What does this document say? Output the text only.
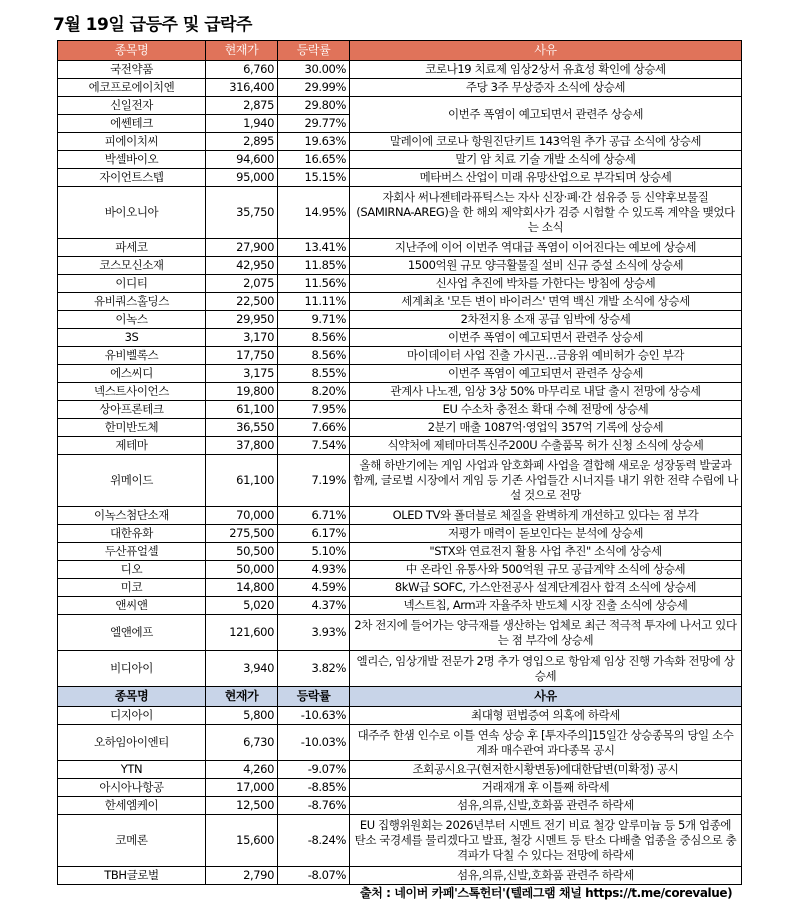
7월 19일 급등주 및 급락주
종목명	현재가	등락률	사유
국전약품	6,760	30.00%	코로나19 치료제 임상2상서 유효성 확인에 상승세
에코프로에이치엔	316,400	29.99%	주당 3주 무상증자 소식에 상승세
신일전자	2,875	29.80%	이번주 폭염이 예고되면서 관련주 상승세
에쎈테크	1,940	29.77%	
피에이치씨	2,895	19.63%	말레이에 코로나 항원진단키트 143억원 추가 공급 소식에 상승세
박셀바이오	94,600	16.65%	말기 암 치료 기술 개발 소식에 상승세
자이언트스텝	95,000	15.15%	메타버스 산업이 미래 유망산업으로 부각되며 상승세
바이오니아	35,750	14.95%	자회사 써나젠테라퓨틱스는 자사 신장·폐·간 섬유증 등 신약후보물질 (SAMIRNA-AREG)을 한 해외 제약회사가 검증 시험할 수 있도록 계약을 맺었다는 소식
파세코	27,900	13.41%	지난주에 이어 이번주 역대급 폭염이 이어진다는 예보에 상승세
코스모신소재	42,950	11.85%	1500억원 규모 양극활물질 설비 신규 증설 소식에 상승세
이디티	2,075	11.56%	신사업 추진에 박차를 가한다는 방침에 상승세
유비쿼스홀딩스	22,500	11.11%	세계최초 '모든 변이 바이러스' 면역 백신 개발 소식에 상승세
이녹스	29,950	9.71%	2차전지용 소재 공급 임박에 상승세
3S	3,170	8.56%	이번주 폭염이 예고되면서 관련주 상승세
유비벨록스	17,750	8.56%	마이데이터 사업 진출 가시권…금융위 예비허가 승인 부각
에스씨디	3,175	8.55%	이번주 폭염이 예고되면서 관련주 상승세
넥스트사이언스	19,800	8.20%	관계사 나노젠, 임상 3상 50% 마무리로 내달 출시 전망에 상승세
상아프론테크	61,100	7.95%	EU 수소차 충전소 확대 수혜 전망에 상승세
한미반도체	36,550	7.66%	2분기 매출 1087억·영업익 357억 기록에 상승세
제테마	37,800	7.54%	식약처에 제테마더톡신주200U 수출품목 허가 신청 소식에 상승세
위메이드	61,100	7.19%	올해 하반기에는 게임 사업과 암호화폐 사업을 결합해 새로운 성장동력 발굴과 함께, 글로벌 시장에서 게임 등 기존 사업들간 시너지를 내기 위한 전략 수립에 나설 것으로 전망
이녹스첨단소재	70,000	6.71%	OLED TV와 폴더블로 체질을 완벽하게 개선하고 있다는 점 부각
대한유화	275,500	6.17%	저평가 매력이 돋보인다는 분석에 상승세
두산퓨얼셀	50,500	5.10%	"STX와 연료전지 활용 사업 추진" 소식에 상승세
디오	50,000	4.93%	中 온라인 유통사와 500억원 규모 공급계약 소식에 상승세
미코	14,800	4.59%	8kW급 SOFC, 가스안전공사 설계단계검사 합격 소식에 상승세
앤씨앤	5,020	4.37%	넥스트칩, Arm과 자율주차 반도체 시장 진출 소식에 상승세
엘앤에프	121,600	3.93%	2차 전지에 들어가는 양극재를 생산하는 업체로 최근 적극적 투자에 나서고 있다는 점 부각에 상승세
비디아이	3,940	3.82%	엘리슨, 임상개발 전문가 2명 추가 영입으로 항암제 임상 진행 가속화 전망에 상승세
종목명	현재가	등락률	사유
디지아이	5,800	-10.63%	최대형 편법증여 의혹에 하락세
오하임아이엔티	6,730	-10.03%	대주주 한샘 인수로 이틀 연속 상승 후 [투자주의]15일간 상승종목의 당일 소수계좌 매수관여 과다종목 공시
YTN	4,260	-9.07%	조회공시요구(현저한시황변동)에대한답변(미확정) 공시
아시아나항공	17,000	-8.85%	거래재개 후 이틀째 하락세
한세엠케이	12,500	-8.76%	섬유,의류,신발,호화품 관련주 하락세
코메론	15,600	-8.24%	EU 집행위원회는 2026년부터 시멘트 전기 비료 철강 알루미늄 등 5개 업종에 탄소 국경세를 물리겠다고 발표, 철강 시멘트 등 탄소 다배출 업종을 중심으로 충격파가 닥칠 수 있다는 전망에 하락세
TBH글로벌	2,790	-8.07%	섬유,의류,신발,호화품 관련주 하락세
출처 : 네이버 카페'스톡헌터'(텔레그램 채널 https://t.me/corevalue)
